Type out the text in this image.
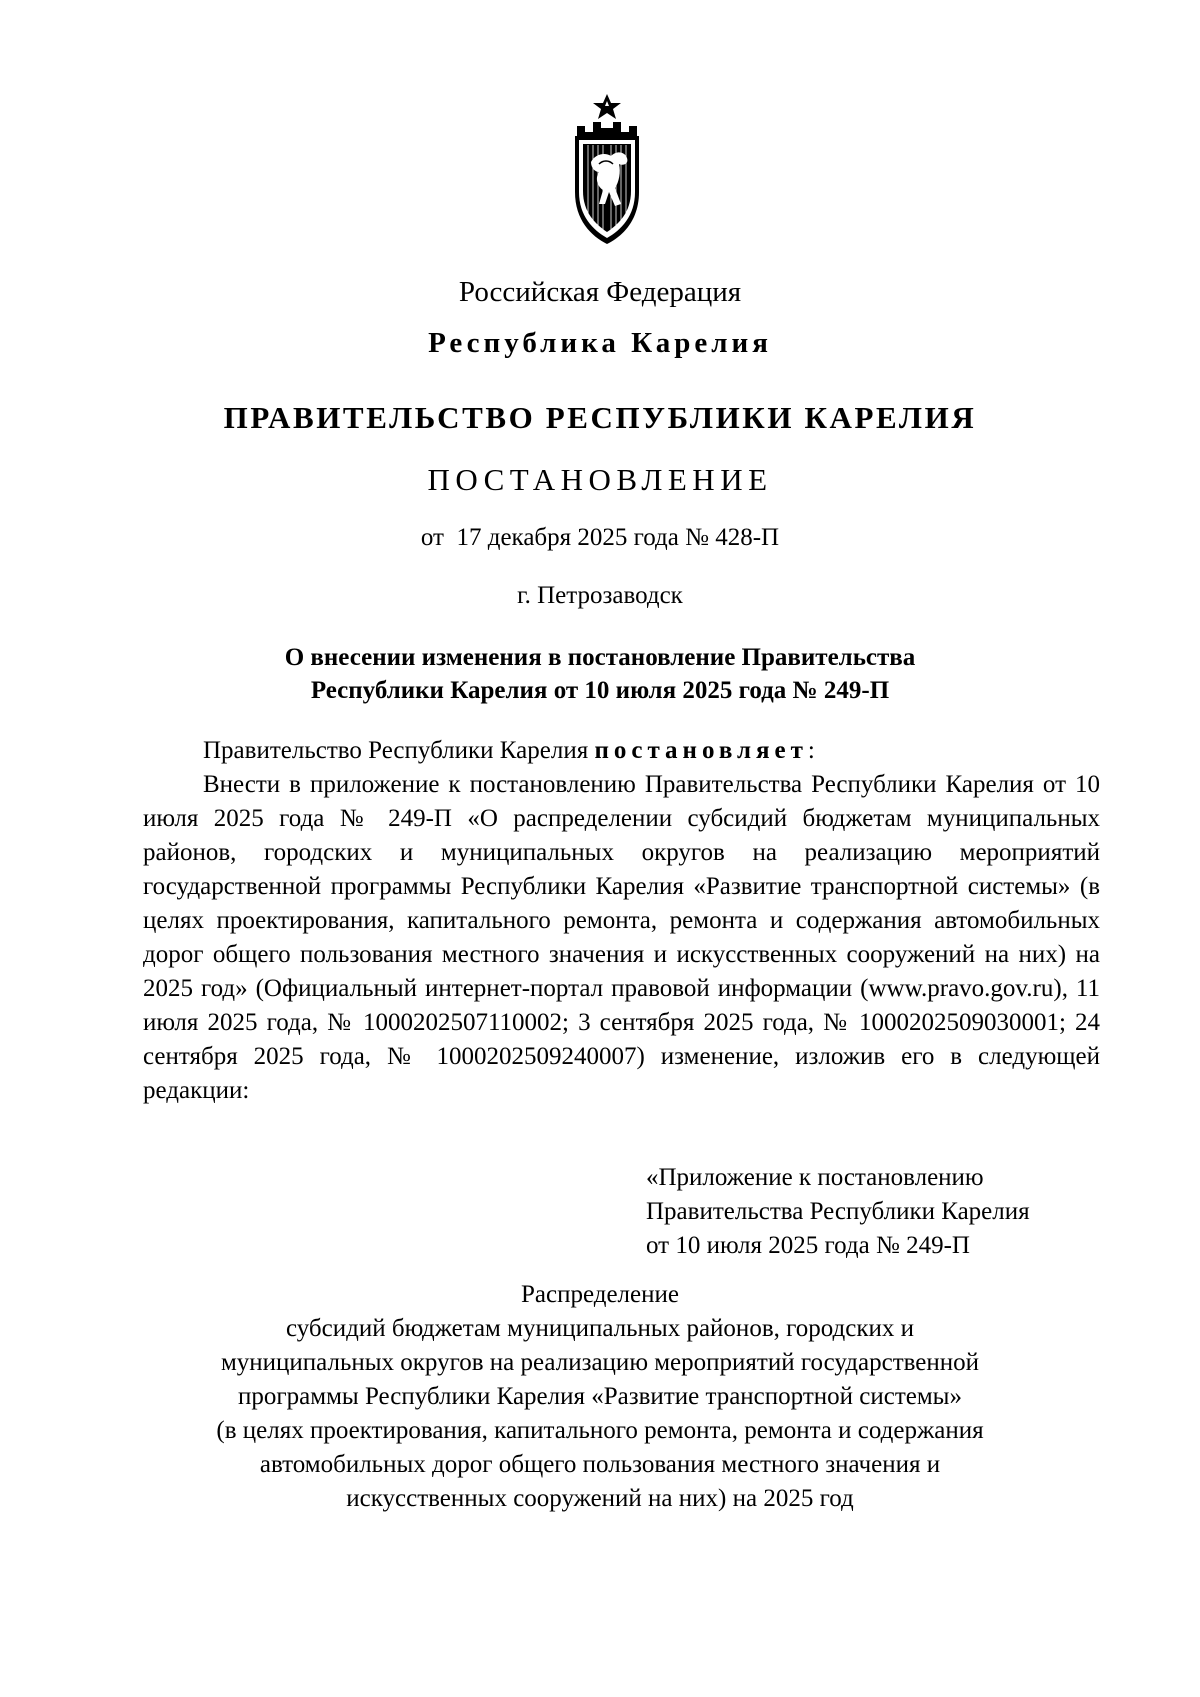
Российская Федерация
Республика Карелия
ПРАВИТЕЛЬСТВО РЕСПУБЛИКИ КАРЕЛИЯ
ПОСТАНОВЛЕНИЕ
от  17 декабря 2025 года № 428-П
г. Петрозаводск
О внесении изменения в постановление Правительства
Республики Карелия от 10 июля 2025 года № 249-П

Правительство Республики Карелия постановляет:

Внести в приложение к постановлению Правительства Республики Карелия от 10 июля 2025 года № 249-П «О распределении субсидий бюджетам муниципальных районов, городских и муниципальных округов на реализацию мероприятий государственной программы Республики Карелия «Развитие транспортной системы» (в целях проектирования, капитального ремонта, ремонта и содержания автомобильных дорог общего пользования местного значения и искусственных сооружений на них) на 2025 год» (Официальный интернет-портал правовой информации (www.pravo.gov.ru), 11 июля 2025 года, № 1000202507110002; 3 сентября 2025 года, № 1000202509030001; 24 сентября 2025 года, № 1000202509240007) изменение, изложив его в следующей редакции:

«Приложение к постановлению
Правительства Республики Карелия
от 10 июля 2025 года № 249-П
Распределение
субсидий бюджетам муниципальных районов, городских и
муниципальных округов на реализацию мероприятий государственной
программы Республики Карелия «Развитие транспортной системы»
(в целях проектирования, капитального ремонта, ремонта и содержания
автомобильных дорог общего пользования местного значения и
искусственных сооружений на них) на 2025 год
